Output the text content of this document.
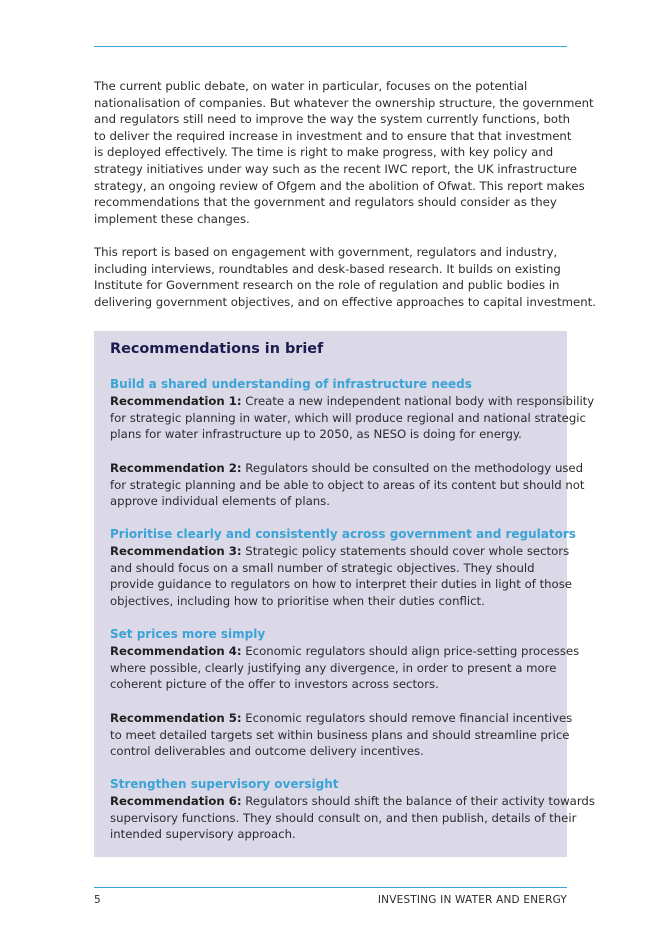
The current public debate, on water in particular, focuses on the potential
nationalisation of companies. But whatever the ownership structure, the government
and regulators still need to improve the way the system currently functions, both
to deliver the required increase in investment and to ensure that that investment
is deployed effectively. The time is right to make progress, with key policy and
strategy initiatives under way such as the recent IWC report, the UK infrastructure
strategy, an ongoing review of Ofgem and the abolition of Ofwat. This report makes
recommendations that the government and regulators should consider as they
implement these changes.

This report is based on engagement with government, regulators and industry,
including interviews, roundtables and desk-based research. It builds on existing
Institute for Government research on the role of regulation and public bodies in
delivering government objectives, and on effective approaches to capital investment.

Recommendations in brief
Build a shared understanding of infrastructure needs

Recommendation 1: Create a new independent national body with responsibility
for strategic planning in water, which will produce regional and national strategic
plans for water infrastructure up to 2050, as NESO is doing for energy.

Recommendation 2: Regulators should be consulted on the methodology used
for strategic planning and be able to object to areas of its content but should not
approve individual elements of plans.

Prioritise clearly and consistently across government and regulators

Recommendation 3: Strategic policy statements should cover whole sectors
and should focus on a small number of strategic objectives. They should
provide guidance to regulators on how to interpret their duties in light of those
objectives, including how to prioritise when their duties conflict.

Set prices more simply

Recommendation 4: Economic regulators should align price-setting processes
where possible, clearly justifying any divergence, in order to present a more
coherent picture of the offer to investors across sectors.

Recommendation 5: Economic regulators should remove financial incentives
to meet detailed targets set within business plans and should streamline price
control deliverables and outcome delivery incentives.

Strengthen supervisory oversight

Recommendation 6: Regulators should shift the balance of their activity towards
supervisory functions. They should consult on, and then publish, details of their
intended supervisory approach.

5	INVESTING IN WATER AND ENERGY
